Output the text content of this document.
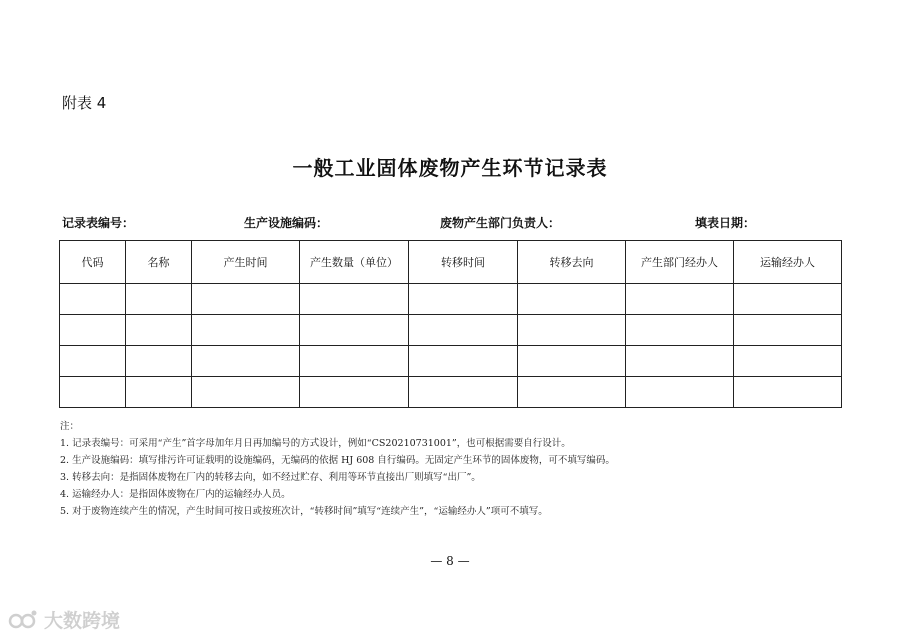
附表 4
一般工业固体废物产生环节记录表
记录表编号：	生产设施编码：	废物产生部门负责人：	填表日期：
代码	名称	产生时间	产生数量（单位）	转移时间	转移去向	产生部门经办人	运输经办人

注：
1. 记录表编号：可采用“产生”首字母加年月日再加编号的方式设计，例如“CS20210731001”，也可根据需要自行设计。
2. 生产设施编码：填写排污许可证载明的设施编码，无编码的依据 HJ 608 自行编码。无固定产生环节的固体废物，可不填写编码。
3. 转移去向：是指固体废物在厂内的转移去向，如不经过贮存、利用等环节直接出厂则填写“出厂”。
4. 运输经办人：是指固体废物在厂内的运输经办人员。
5. 对于废物连续产生的情况，产生时间可按日或按班次计，“转移时间”填写“连续产生”，“运输经办人”项可不填写。
— 8 —
大数跨境
